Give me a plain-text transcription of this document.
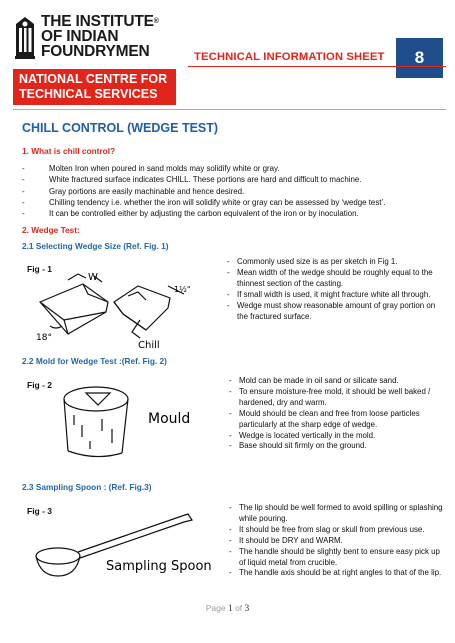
THE INSTITUTE®
OF INDIAN
FOUNDRYMEN
NATIONAL CENTRE FOR
TECHNICAL SERVICES
TECHNICAL INFORMATION SHEET	8
CHILL CONTROL (WEDGE TEST)
1. What is chill control?
- Molten Iron when poured in sand molds may solidify white or gray.
- White fractured surface indicates CHILL. These portions are hard and difficult to machine.
- Gray portions are easily machinable and hence desired.
- Chilling tendency i.e. whether the iron will solidify white or gray can be assessed by ‘wedge test’.
- It can be controlled either by adjusting the carbon equivalent of the iron or by inoculation.
2. Wedge Test:
2.1 Selecting Wedge Size (Ref. Fig. 1)
Fig - 1
W
1½"
18°
Chill
- Commonly used size is as per sketch in Fig 1.
- Mean width of the wedge should be roughly equal to the thinnest section of the casting.
- If small width is used, it might fracture white all through.
- Wedge must show reasonable amount of gray portion on the fractured surface.
2.2 Mold for Wedge Test :(Ref. Fig. 2)
Fig - 2
Mould
- Mold can be made in oil sand or silicate sand.
- To ensure moisture-free mold, it should be well baked / hardened, dry and warm.
- Mould should be clean and free from loose particles particularly at the sharp edge of wedge.
- Wedge is located vertically in the mold.
- Base should sit firmly on the ground.
2.3 Sampling Spoon : (Ref. Fig.3)
Fig - 3
Sampling Spoon
- The lip should be well formed to avoid spilling or splashing while pouring.
- It should be free from slag or skull from previous use.
- It should be DRY and WARM.
- The handle should be slightly bent to ensure easy pick up of liquid metal from crucible.
- The handle axis should be at right angles to that of the lip.
Page 1 of 3
